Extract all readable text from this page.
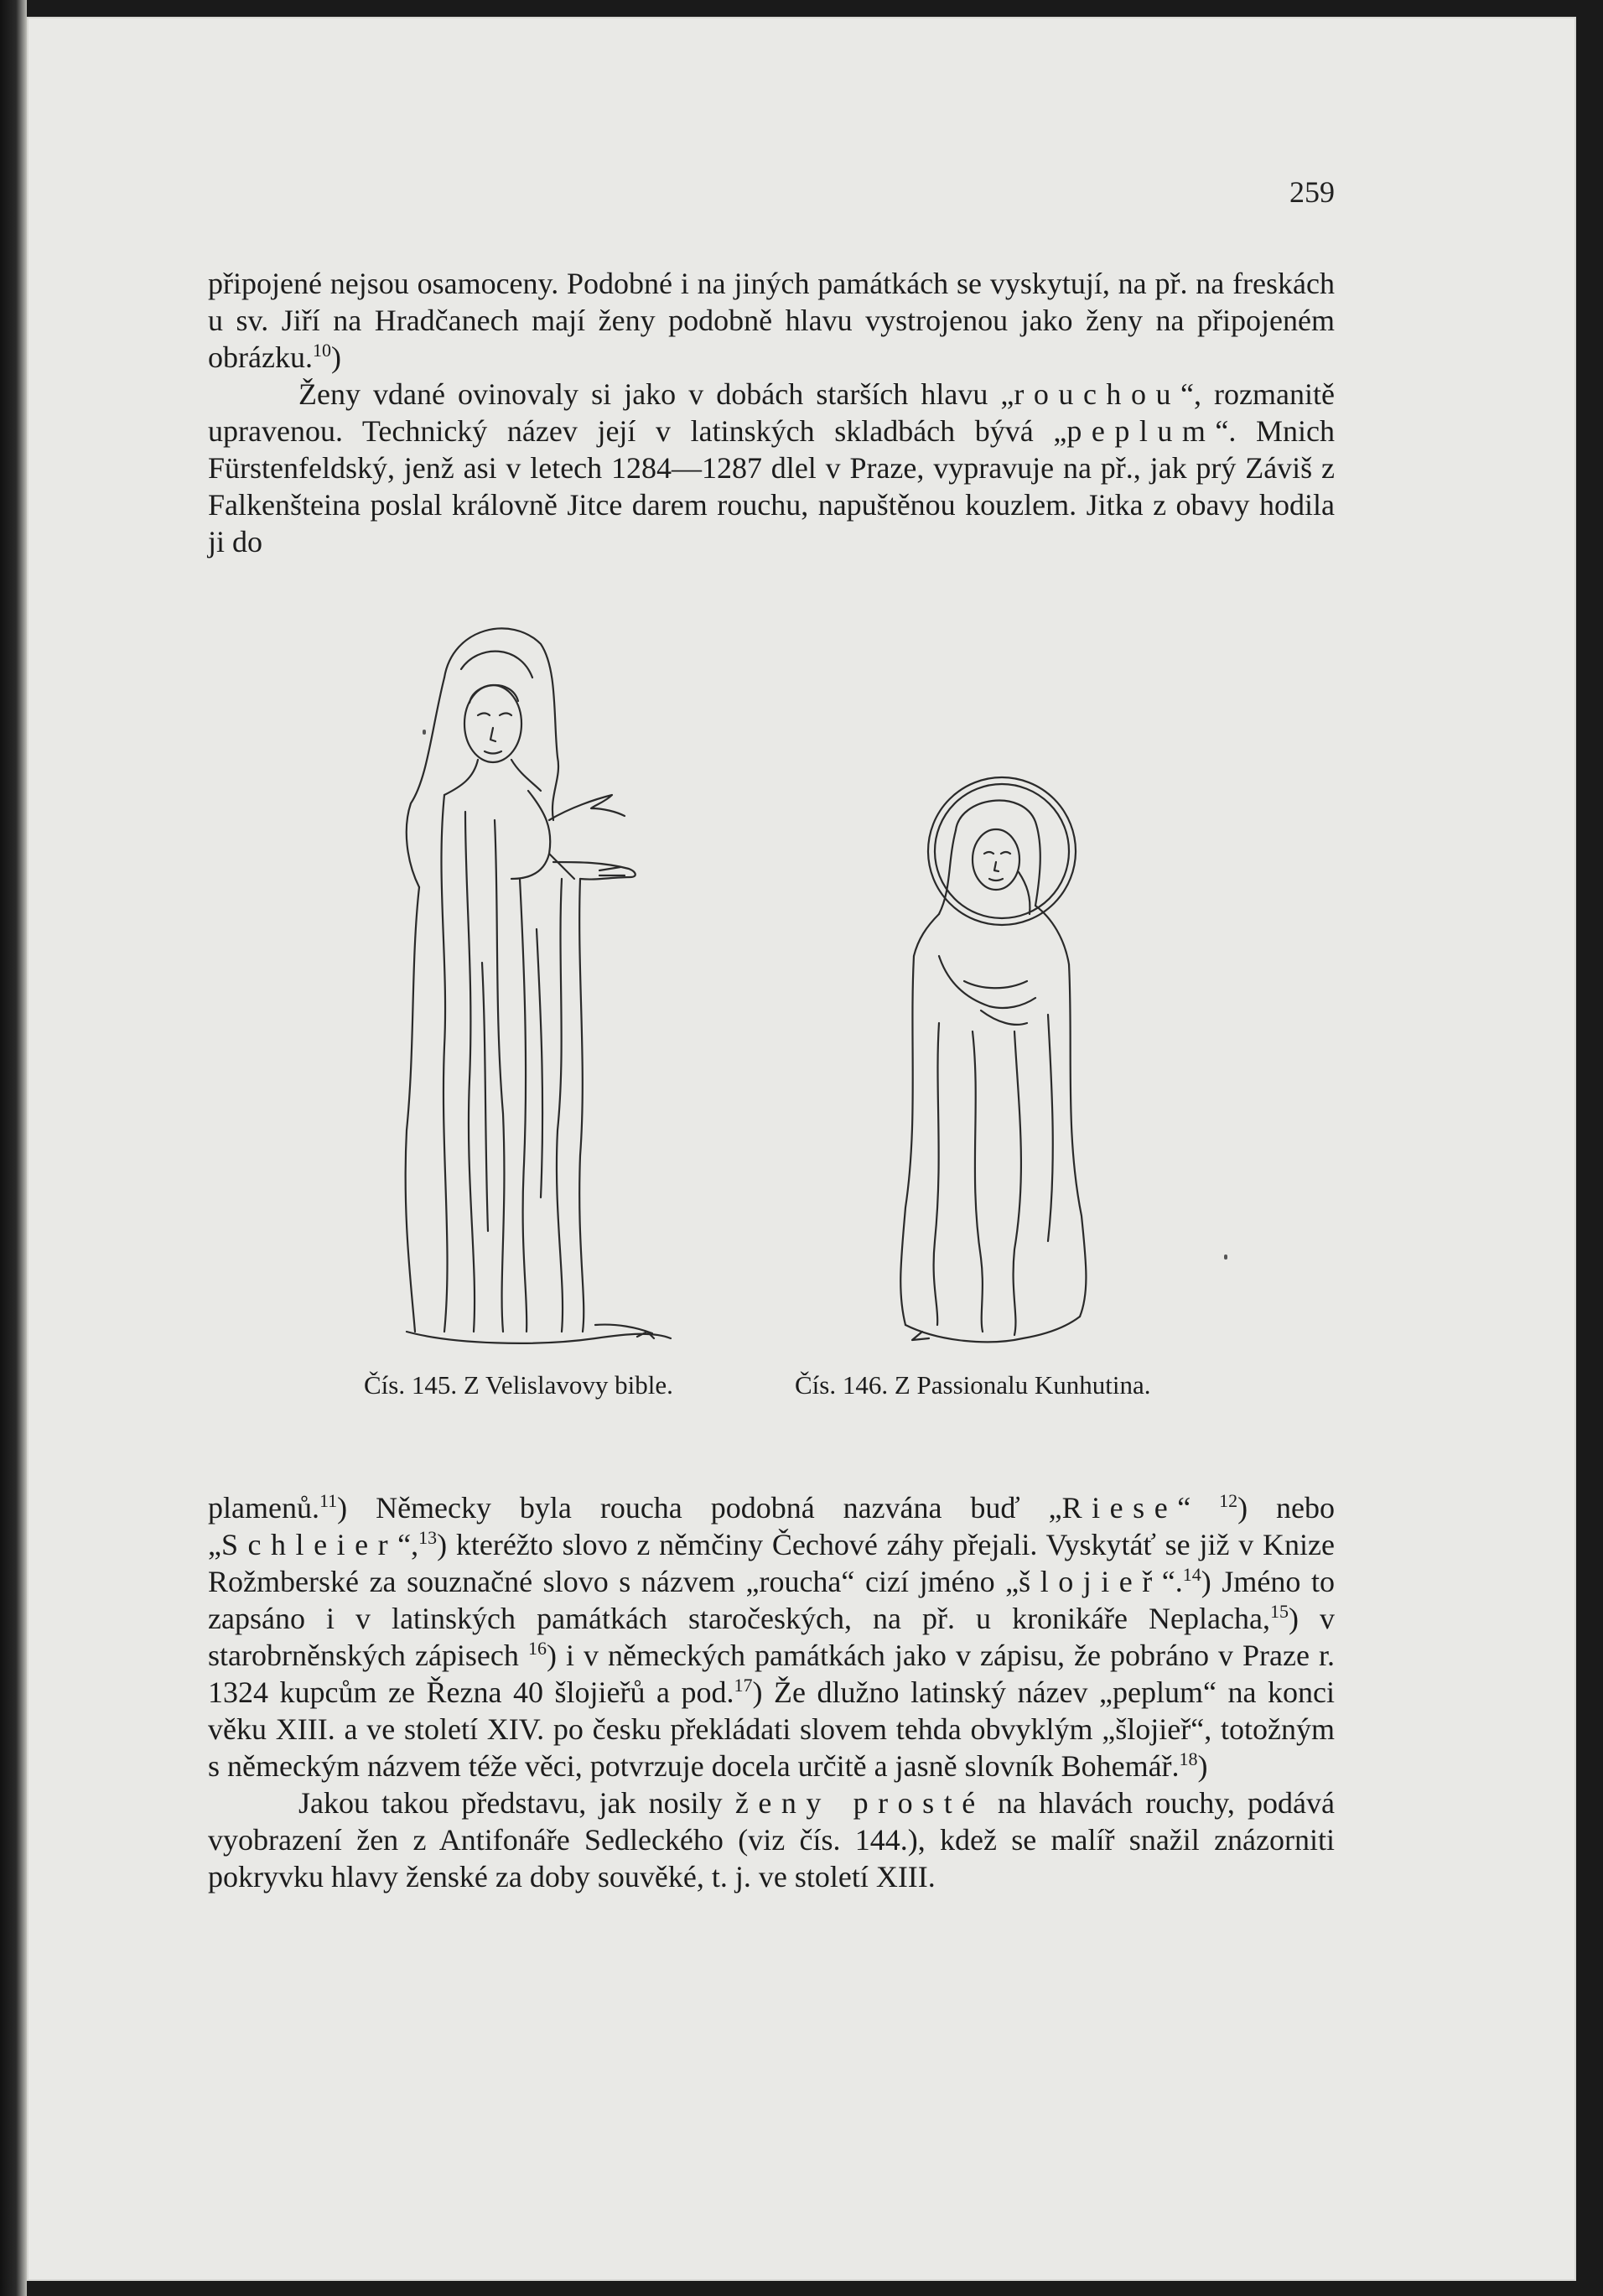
259

připojené nejsou osamoceny. Podobné i na jiných památkách se vyskytují, na př. na freskách u sv. Jiří na Hradčanech mají ženy podobně hlavu vystrojenou jako ženy na připojeném obrázku.$^{10}$)

Ženy vdané ovinovaly si jako v dobách starších hlavu „rouchou“, rozmanitě upravenou. Technický název její v latinských skladbách bývá „peplum“. Mnich Fürstenfeldský, jenž asi v letech 1284—1287 dlel v Praze, vypravuje na př., jak prý Záviš z Falkenšteina poslal královně Jitce darem rouchu, napuštěnou kouzlem. Jitka z obavy hodila ji do

Čís. 145. Z Velislavovy bible.	Čís. 146. Z Passionalu Kunhutina.

plamenů.$^{11}$) Německy byla roucha podobná nazvána buď „Riese“ $^{12}$) nebo „Schleier“,$^{13}$) kteréžto slovo z němčiny Čechové záhy přejali. Vyskytáť se již v Knize Rožmberské za souznačné slovo s názvem „roucha“ cizí jméno „šlojieř“.$^{14}$) Jméno to zapsáno i v latinských památkách staročeských, na př. u kronikáře Neplacha,$^{15}$) v starobrněnských zápisech $^{16}$) i v německých památkách jako v zápisu, že pobráno v Praze r. 1324 kupcům ze Řezna 40 šlojieřů a pod.$^{17}$) Že dlužno latinský název „peplum“ na konci věku XIII. a ve století XIV. po česku překládati slovem tehda obvyklým „šlojieř“, totožným s německým názvem téže věci, potvrzuje docela určitě a jasně slovník Bohemář.$^{18}$)

Jakou takou představu, jak nosily ženy prosté na hlavách rouchy, podává vyobrazení žen z Antifonáře Sedleckého (viz čís. 144.), kdež se malíř snažil znázorniti pokryvku hlavy ženské za doby souvěké, t. j. ve století XIII.
